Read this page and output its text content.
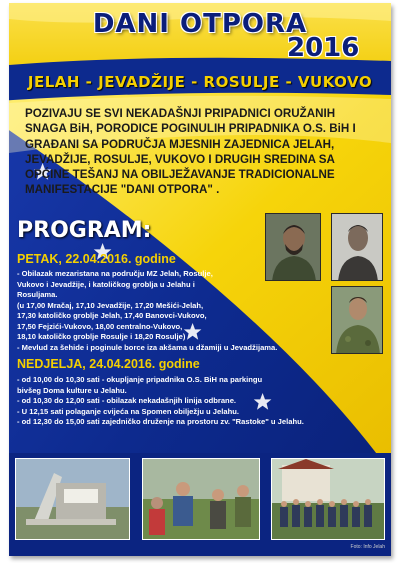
DANI OTPORA
2016
JELAH - JEVADŽIJE - ROSULJE - VUKOVO
POZIVAJU SE SVI NEKADAŠNJI PRIPADNICI ORUŽANIH SNAGA BiH, PORODICE POGINULIH PRIPADNIKA O.S. BiH I GRAĐANI SA PODRUČJA MJESNIH ZAJEDNICA JELAH, JEVADŽIJE, ROSULJE, VUKOVO I DRUGIH SREDINA SA OPĆINE TEŠANJ NA OBILJEŽAVANJE TRADICIONALNE MANIFESTACIJE "DANI OTPORA" .
PROGRAM:
PETAK, 22.04.2016. godine
- Obilazak mezaristana na području MZ Jelah, Rosulje,
Vukovo i Jevadžije, i katoličkog groblja u Jelahu i
Rosuljama.
(u 17,00 Mračaj, 17,10 Jevadžije, 17,20 Mešići-Jelah,
17,30 katoličko groblje Jelah, 17,40 Banovci-Vukovo,
17,50 Fejzići-Vukovo, 18,00 centralno-Vukovo,
18,10 katoličko groblje Rosulje i 18,20 Rosulje)
- Mevlud za šehide i poginule borce iza akšama u džamiji u Jevadžijama.
NEDJELJA, 24.04.2016. godine
- od 10,00 do 10,30 sati - okupljanje pripadnika O.S. BiH na parkingu
bivšeg Doma kulture u Jelahu.
- od 10,30 do 12,00 sati - obilazak nekadašnjih linija odbrane.
- U 12,15 sati polaganje cvijeća na Spomen obilježju u Jelahu.
- od 12,30 do 15,00 sati zajedničko druženje na prostoru zv. "Rastoke" u Jelahu.
Foto: Info Jelah
